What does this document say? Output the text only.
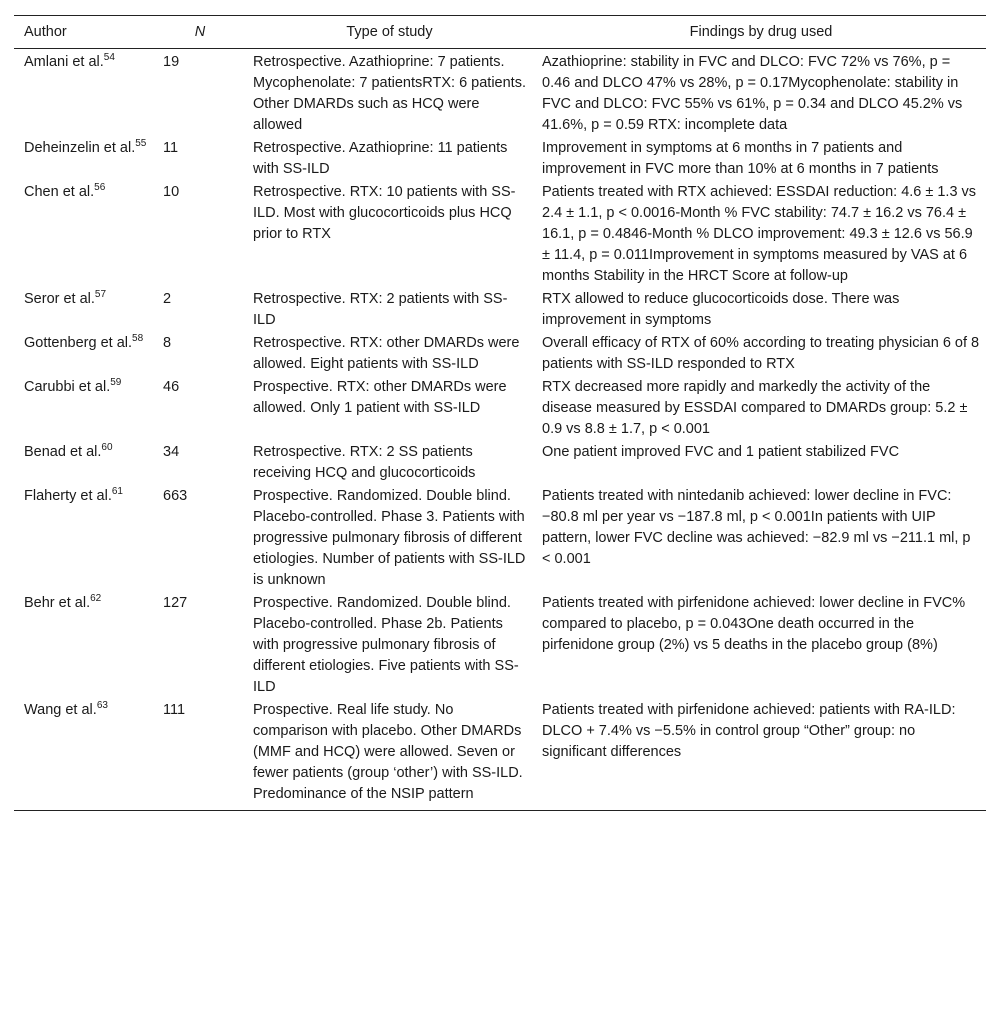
Author	N	Type of study	Findings by drug used
Amlani et al.$^{54}$	19	Retrospective. Azathioprine: 7 patients. Mycophenolate: 7 patientsRTX: 6 patients. Other DMARDs such as HCQ were allowed	Azathioprine: stability in FVC and DLCO: FVC 72% vs 76%, p = 0.46 and DLCO 47% vs 28%, p = 0.17Mycophenolate: stability in FVC and DLCO: FVC 55% vs 61%, p = 0.34 and DLCO 45.2% vs 41.6%, p = 0.59 RTX: incomplete data
Deheinzelin et al.$^{55}$	11	Retrospective. Azathioprine: 11 patients with SS-ILD	Improvement in symptoms at 6 months in 7 patients and improvement in FVC more than 10% at 6 months in 7 patients
Chen et al.$^{56}$	10	Retrospective. RTX: 10 patients with SS-ILD. Most with glucocorticoids plus HCQ prior to RTX	Patients treated with RTX achieved: ESSDAI reduction: 4.6 ± 1.3 vs 2.4 ± 1.1, p < 0.0016-Month % FVC stability: 74.7 ± 16.2 vs 76.4 ± 16.1, p = 0.4846-Month % DLCO improvement: 49.3 ± 12.6 vs 56.9 ± 11.4, p = 0.011Improvement in symptoms measured by VAS at 6 months Stability in the HRCT Score at follow-up
Seror et al.$^{57}$	2	Retrospective. RTX: 2 patients with SS-ILD	RTX allowed to reduce glucocorticoids dose. There was improvement in symptoms
Gottenberg et al.$^{58}$	8	Retrospective. RTX: other DMARDs were allowed. Eight patients with SS-ILD	Overall efficacy of RTX of 60% according to treating physician 6 of 8 patients with SS-ILD responded to RTX
Carubbi et al.$^{59}$	46	Prospective. RTX: other DMARDs were allowed. Only 1 patient with SS-ILD	RTX decreased more rapidly and markedly the activity of the disease measured by ESSDAI compared to DMARDs group: 5.2 ± 0.9 vs 8.8 ± 1.7, p < 0.001
Benad et al.$^{60}$	34	Retrospective. RTX: 2 SS patients receiving HCQ and glucocorticoids	One patient improved FVC and 1 patient stabilized FVC
Flaherty et al.$^{61}$	663	Prospective. Randomized. Double blind. Placebo-controlled. Phase 3. Patients with progressive pulmonary fibrosis of different etiologies. Number of patients with SS-ILD is unknown	Patients treated with nintedanib achieved: lower decline in FVC: −80.8 ml per year vs −187.8 ml, p < 0.001In patients with UIP pattern, lower FVC decline was achieved: −82.9 ml vs −211.1 ml, p < 0.001
Behr et al.$^{62}$	127	Prospective. Randomized. Double blind. Placebo-controlled. Phase 2b. Patients with progressive pulmonary fibrosis of different etiologies. Five patients with SS-ILD	Patients treated with pirfenidone achieved: lower decline in FVC% compared to placebo, p = 0.043One death occurred in the pirfenidone group (2%) vs 5 deaths in the placebo group (8%)
Wang et al.$^{63}$	111	Prospective. Real life study. No comparison with placebo. Other DMARDs (MMF and HCQ) were allowed. Seven or fewer patients (group ‘other’) with SS-ILD. Predominance of the NSIP pattern	Patients treated with pirfenidone achieved: patients with RA-ILD: DLCO + 7.4% vs −5.5% in control group “Other” group: no significant differences
